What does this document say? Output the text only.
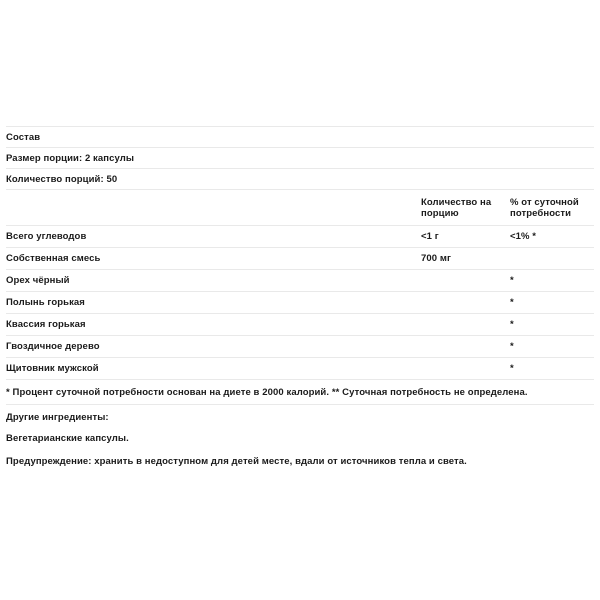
Состав		
Размер порции: 2 капсулы		
Количество порций: 50		

	Количество на порцию	% от суточной потребности

Всего углеводов	<1 г	<1% *
Собственная смесь	700 мг	
Орех чёрный		*
Полынь горькая		*
Квассия горькая		*
Гвоздичное дерево		*
Щитовник мужской		*
* Процент суточной потребности основан на диете в 2000 калорий. ** Суточная потребность не определена.		
Другие ингредиенты:
Вегетарианские капсулы.
Предупреждение: хранить в недоступном для детей месте, вдали от источников тепла и света.
